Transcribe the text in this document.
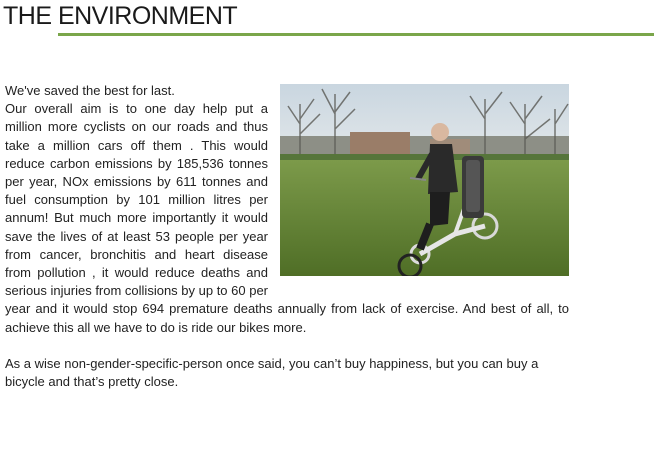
THE ENVIRONMENT

We've saved the best for last.

Our overall aim is to one day help put a million more cyclists on our roads and thus take a million cars off them . This would reduce carbon emissions by 185,536 tonnes per year, NOx emissions by 611 tonnes and fuel consumption by 101 million litres per annum! But much more importantly it would save the lives of at least 53 people per year from cancer, bronchitis and heart disease from pollution , it would reduce deaths and serious injuries from collisions by up to 60 per year and it would stop 694 premature deaths annually from lack of exercise. And best of all, to achieve this all we have to do is ride our bikes more.

As a wise non-gender-specific-person once said, you can’t buy happiness, but you can buy a bicycle and that’s pretty close.
